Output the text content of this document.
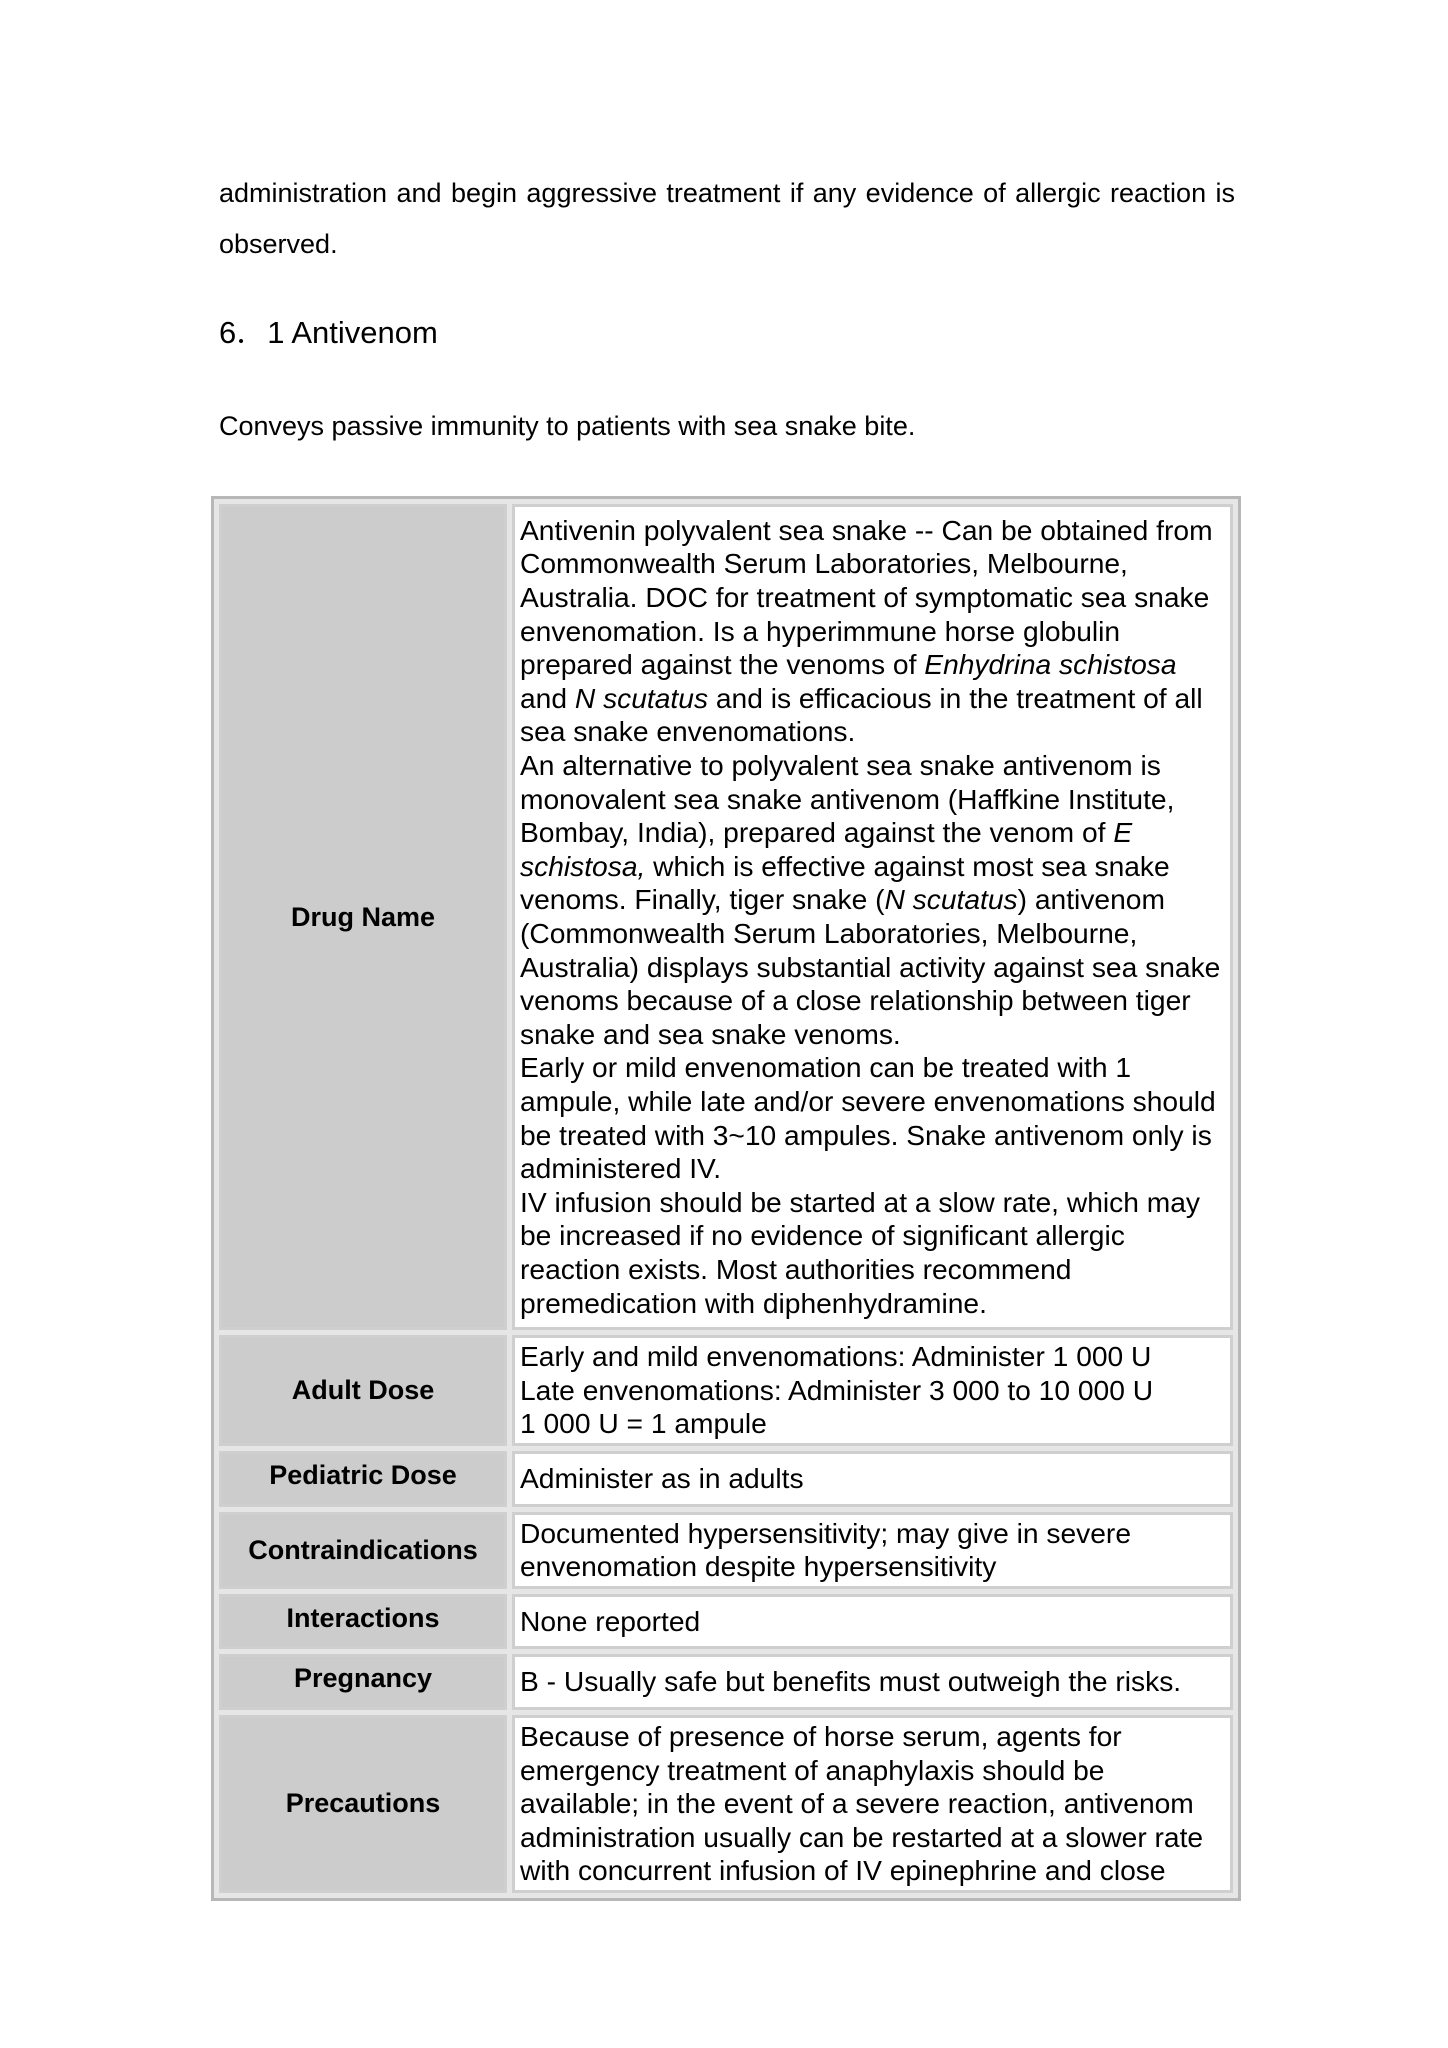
administration and begin aggressive treatment if any evidence of allergic reaction is observed.
6．1 Antivenom
Conveys passive immunity to patients with sea snake bite.
Drug Name	Antivenin polyvalent sea snake -- Can be obtained from Commonwealth Serum Laboratories, Melbourne, Australia. DOC for treatment of symptomatic sea snake envenomation. Is a hyperimmune horse globulin prepared against the venoms of Enhydrina schistosa and N scutatus and is efficacious in the treatment of all sea snake envenomations.

An alternative to polyvalent sea snake antivenom is monovalent sea snake antivenom (Haffkine Institute, Bombay, India), prepared against the venom of E schistosa, which is effective against most sea snake venoms. Finally, tiger snake (N scutatus) antivenom (Commonwealth Serum Laboratories, Melbourne, Australia) displays substantial activity against sea snake venoms because of a close relationship between tiger snake and sea snake venoms.

Early or mild envenomation can be treated with 1 ampule, while late and/or severe envenomations should be treated with 3~10 ampules. Snake antivenom only is administered IV.

IV infusion should be started at a slow rate, which may be increased if no evidence of significant allergic reaction exists. Most authorities recommend premedication with diphenhydramine.

Adult Dose	Early and mild envenomations: Administer 1 000 U

Late envenomations: Administer 3 000 to 10 000 U

1 000 U = 1 ampule

Pediatric Dose	Administer as in adults
Contraindications	Documented hypersensitivity; may give in severe envenomation despite hypersensitivity
Interactions	None reported
Pregnancy	B - Usually safe but benefits must outweigh the risks.
Precautions	Because of presence of horse serum, agents for emergency treatment of anaphylaxis should be available; in the event of a severe reaction, antivenom administration usually can be restarted at a slower rate with concurrent infusion of IV epinephrine and close
